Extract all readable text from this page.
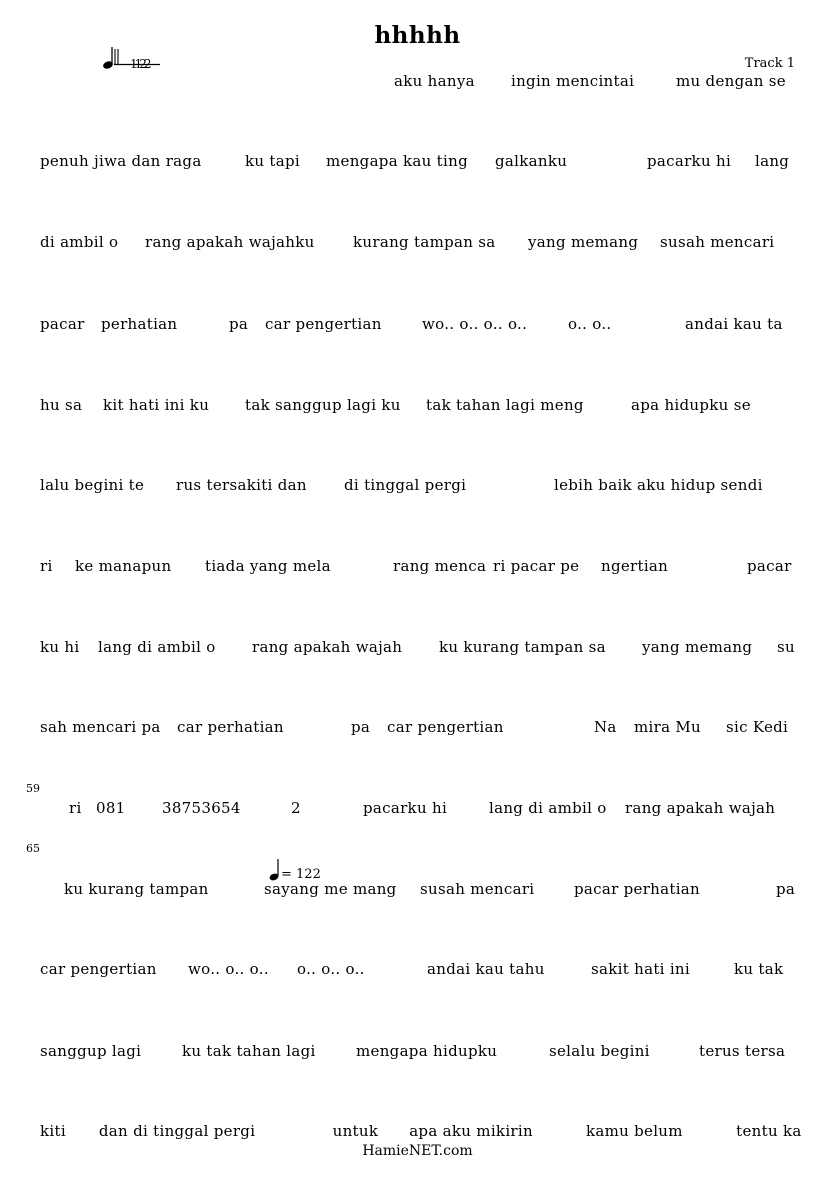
hhhhh
Track 1
1122
aku hanya ingin mencintai	mu dengan se
penuh jiwa dan raga	ku tapi mengapa kau ting galkanku	pacarku hi lang
di ambil o rang apakah wajahku	kurang tampan sa yang memang susah mencari
pacar perhatian	pa car pengertian	wo.. o.. o.. o..	o.. o..	andai kau ta
hu sa kit hati ini ku tak sanggup lagi ku tak tahan lagi meng	apa hidupku se
lalu begini te rus tersakiti dan di tinggal pergi	lebih baik aku hidup sendi
ri ke manapun tiada yang mela	rang menca ri pacar pe ngertian	pacar
ku hi lang di ambil o rang apakah wajah ku kurang tampan sa yang memang su
sah mencari pa car perhatian	pa car pengertian	Na mira Mu sic Kedi
ri 081 38753654	2	pacarku hi	lang di ambil o rang apakah wajah
ku kurang tampan	sayang me mang susah mencari	pacar perhatian	pa
car pengertian wo.. o.. o.. o.. o.. o..	andai kau tahu	sakit hati ini	ku tak
sanggup lagi	ku tak tahan lagi	mengapa hidupku	selalu begini	terus tersa
kiti dan di tinggal pergi	untuk apa aku mikirin	kamu belum	tentu ka
59
65
= 122
HamieNET.com
